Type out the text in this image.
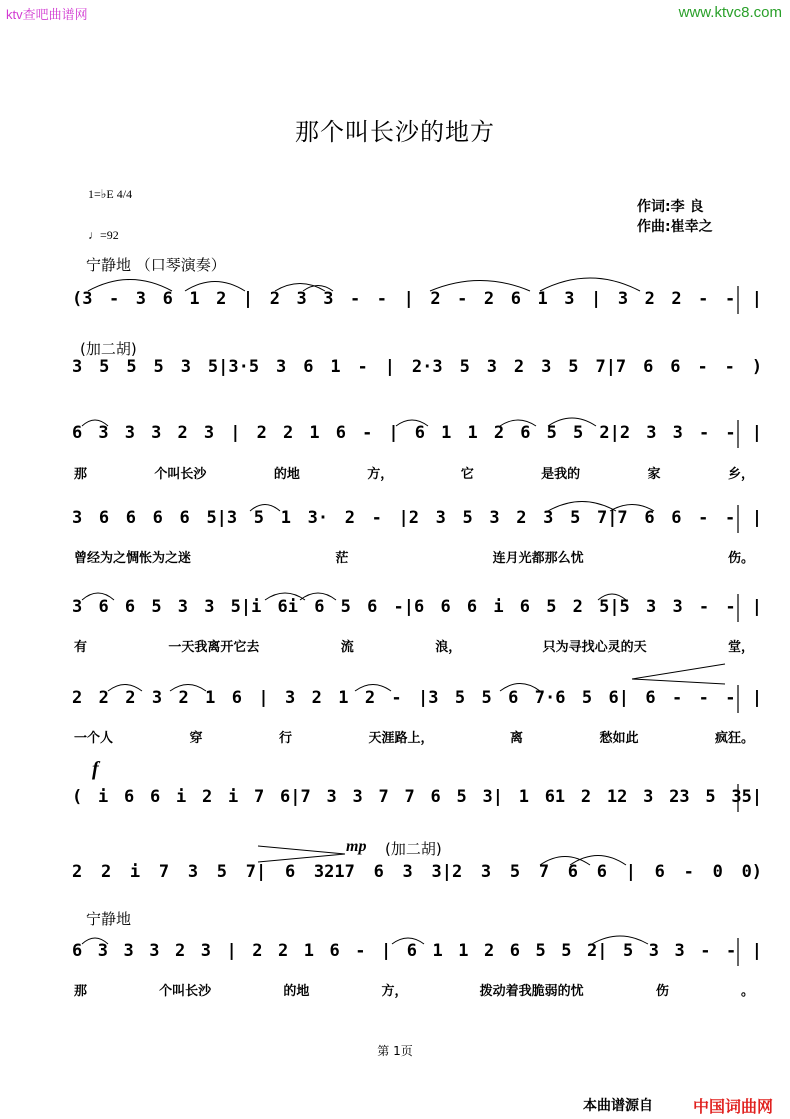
ktv查吧曲谱网	www.ktvc8.com
那个叫长沙的地方
1=♭E 4/4
♩=92
作词:李 良
作曲:崔幸之
宁静地 （口琴演奏）
(3 - 3 6 1 2 | 2 3 3 - - | 2 - 2 6 1 3 | 3 2 2 - - |
(加二胡)
3 5 5 5 3 5|3·5 3 6 1 - | 2·3 5 3 2 3 5 7|7 6 6 - - )
6 3 3 3 2 3 | 2 2 1 6 - | 6 1 1 2 6 5 5 2|2 3 3 - - |
那 个叫长沙 的地 方， 它 是我的 家 乡，
3 6 6 6 6 5|3 5 1 3· 2 - |2 3 5 3 2 3 5 7|7 6 6 - - |
曾经为之惆怅为之迷 茫 连月光都那么忧 伤。
3 6 6 5 3 3 5|i 6i 6 5 6 -|6 6 6 i 6 5 2 5|5 3 3 - - |
有 一天我离开它去 流 浪， 只为寻找心灵的天 堂，
2 2 2 3 2 1 6 | 3 2 1 2 - |3 5 5 6 7·6 5 6| 6 - - - |
一个人 穿 行 天涯路上， 离 愁如此 疯狂。
f
( i 6 6 i 2 i 7 6|7 3 3 7 7 6 5 3| 1 61 2 12 3 23 5 35|
mp (加二胡)
2 2 i 7 3 5 7| 6 3217 6 3 3|2 3 5 7 6 6 | 6 - 0 0)
宁静地
6 3 3 3 2 3 | 2 2 1 6 - | 6 1 1 2 6 5 5 2| 5 3 3 - - |
那 个叫长沙 的地 方， 拨动着我脆弱的忧 伤 。
第 1页
本曲谱源自	中国词曲网
